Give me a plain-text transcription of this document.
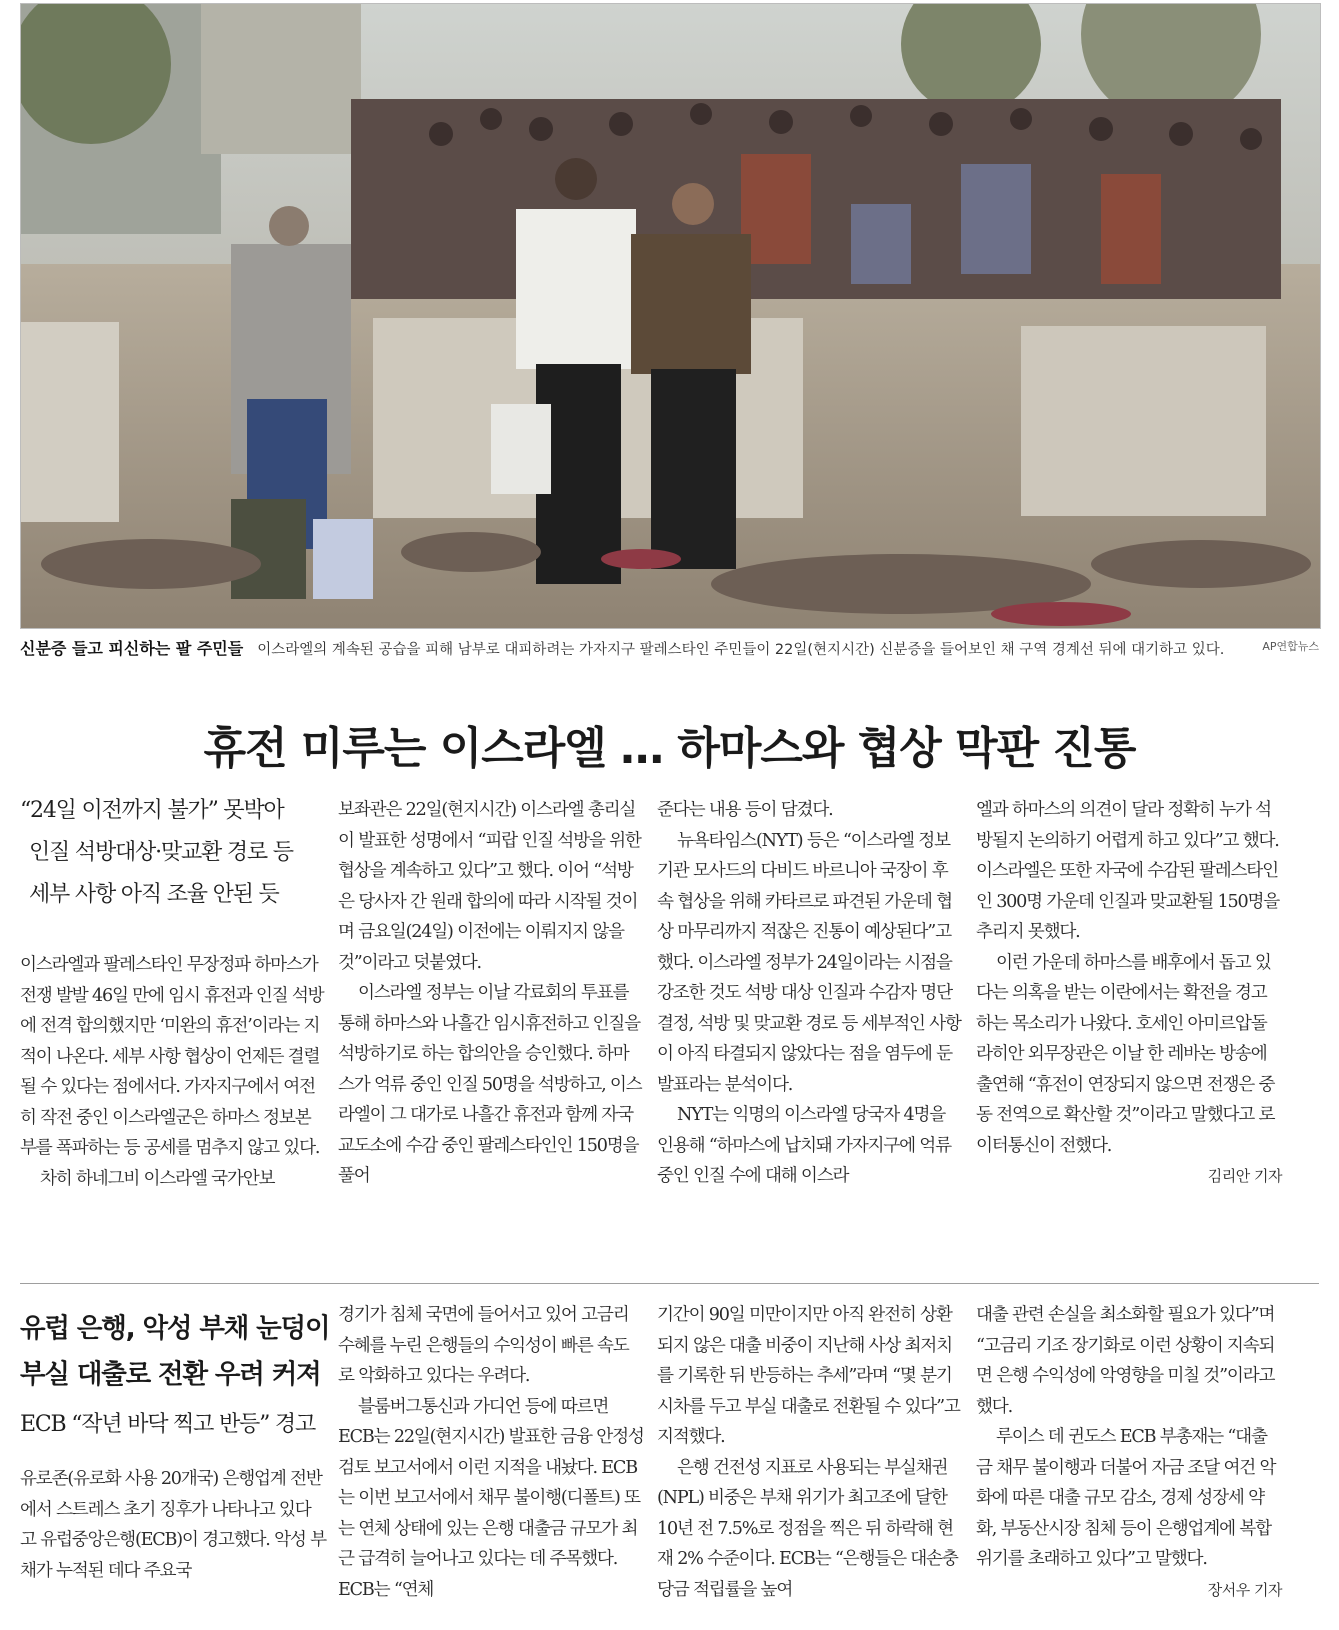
신분증 들고 피신하는 팔 주민들 이스라엘의 계속된 공습을 피해 남부로 대피하려는 가자지구 팔레스타인 주민들이 22일(현지시간) 신분증을 들어보인 채 구역 경계선 뒤에 대기하고 있다.	AP연합뉴스
휴전 미루는 이스라엘 … 하마스와 협상 막판 진통
“24일 이전까지 불가” 못박아
인질 석방대상·맞교환 경로 등
세부 사항 아직 조율 안된 듯

이스라엘과 팔레스타인 무장정파 하마스가 전쟁 발발 46일 만에 임시 휴전과 인질 석방에 전격 합의했지만 ‘미완의 휴전’이라는 지적이 나온다. 세부 사항 협상이 언제든 결렬될 수 있다는 점에서다. 가자지구에서 여전히 작전 중인 이스라엘군은 하마스 정보본부를 폭파하는 등 공세를 멈추지 않고 있다.

차히 하네그비 이스라엘 국가안보

보좌관은 22일(현지시간) 이스라엘 총리실이 발표한 성명에서 “피랍 인질 석방을 위한 협상을 계속하고 있다”고 했다. 이어 “석방은 당사자 간 원래 합의에 따라 시작될 것이며 금요일(24일) 이전에는 이뤄지지 않을 것”이라고 덧붙였다.

이스라엘 정부는 이날 각료회의 투표를 통해 하마스와 나흘간 임시휴전하고 인질을 석방하기로 하는 합의안을 승인했다. 하마스가 억류 중인 인질 50명을 석방하고, 이스라엘이 그 대가로 나흘간 휴전과 함께 자국 교도소에 수감 중인 팔레스타인인 150명을 풀어

준다는 내용 등이 담겼다.

뉴욕타임스(NYT) 등은 “이스라엘 정보기관 모사드의 다비드 바르니아 국장이 후속 협상을 위해 카타르로 파견된 가운데 협상 마무리까지 적잖은 진통이 예상된다”고 했다. 이스라엘 정부가 24일이라는 시점을 강조한 것도 석방 대상 인질과 수감자 명단 결정, 석방 및 맞교환 경로 등 세부적인 사항이 아직 타결되지 않았다는 점을 염두에 둔 발표라는 분석이다.

NYT는 익명의 이스라엘 당국자 4명을 인용해 “하마스에 납치돼 가자지구에 억류 중인 인질 수에 대해 이스라

엘과 하마스의 의견이 달라 정확히 누가 석방될지 논의하기 어렵게 하고 있다”고 했다. 이스라엘은 또한 자국에 수감된 팔레스타인인 300명 가운데 인질과 맞교환될 150명을 추리지 못했다.

이런 가운데 하마스를 배후에서 돕고 있다는 의혹을 받는 이란에서는 확전을 경고하는 목소리가 나왔다. 호세인 아미르압돌라히안 외무장관은 이날 한 레바논 방송에 출연해 “휴전이 연장되지 않으면 전쟁은 중동 전역으로 확산할 것”이라고 말했다고 로이터통신이 전했다.

김리안 기자
유럽 은행, 악성 부채 눈덩이
부실 대출로 전환 우려 커져
ECB “작년 바닥 찍고 반등” 경고

유로존(유로화 사용 20개국) 은행업계 전반에서 스트레스 초기 징후가 나타나고 있다고 유럽중앙은행(ECB)이 경고했다. 악성 부채가 누적된 데다 주요국

경기가 침체 국면에 들어서고 있어 고금리 수혜를 누린 은행들의 수익성이 빠른 속도로 악화하고 있다는 우려다.

블룸버그통신과 가디언 등에 따르면 ECB는 22일(현지시간) 발표한 금융 안정성 검토 보고서에서 이런 지적을 내놨다. ECB는 이번 보고서에서 채무 불이행(디폴트) 또는 연체 상태에 있는 은행 대출금 규모가 최근 급격히 늘어나고 있다는 데 주목했다. ECB는 “연체

기간이 90일 미만이지만 아직 완전히 상환되지 않은 대출 비중이 지난해 사상 최저치를 기록한 뒤 반등하는 추세”라며 “몇 분기 시차를 두고 부실 대출로 전환될 수 있다”고 지적했다.

은행 건전성 지표로 사용되는 부실채권(NPL) 비중은 부채 위기가 최고조에 달한 10년 전 7.5%로 정점을 찍은 뒤 하락해 현재 2% 수준이다. ECB는 “은행들은 대손충당금 적립률을 높여

대출 관련 손실을 최소화할 필요가 있다”며 “고금리 기조 장기화로 이런 상황이 지속되면 은행 수익성에 악영향을 미칠 것”이라고 했다.

루이스 데 귄도스 ECB 부총재는 “대출금 채무 불이행과 더불어 자금 조달 여건 악화에 따른 대출 규모 감소, 경제 성장세 약화, 부동산시장 침체 등이 은행업계에 복합 위기를 초래하고 있다”고 말했다.

장서우 기자
